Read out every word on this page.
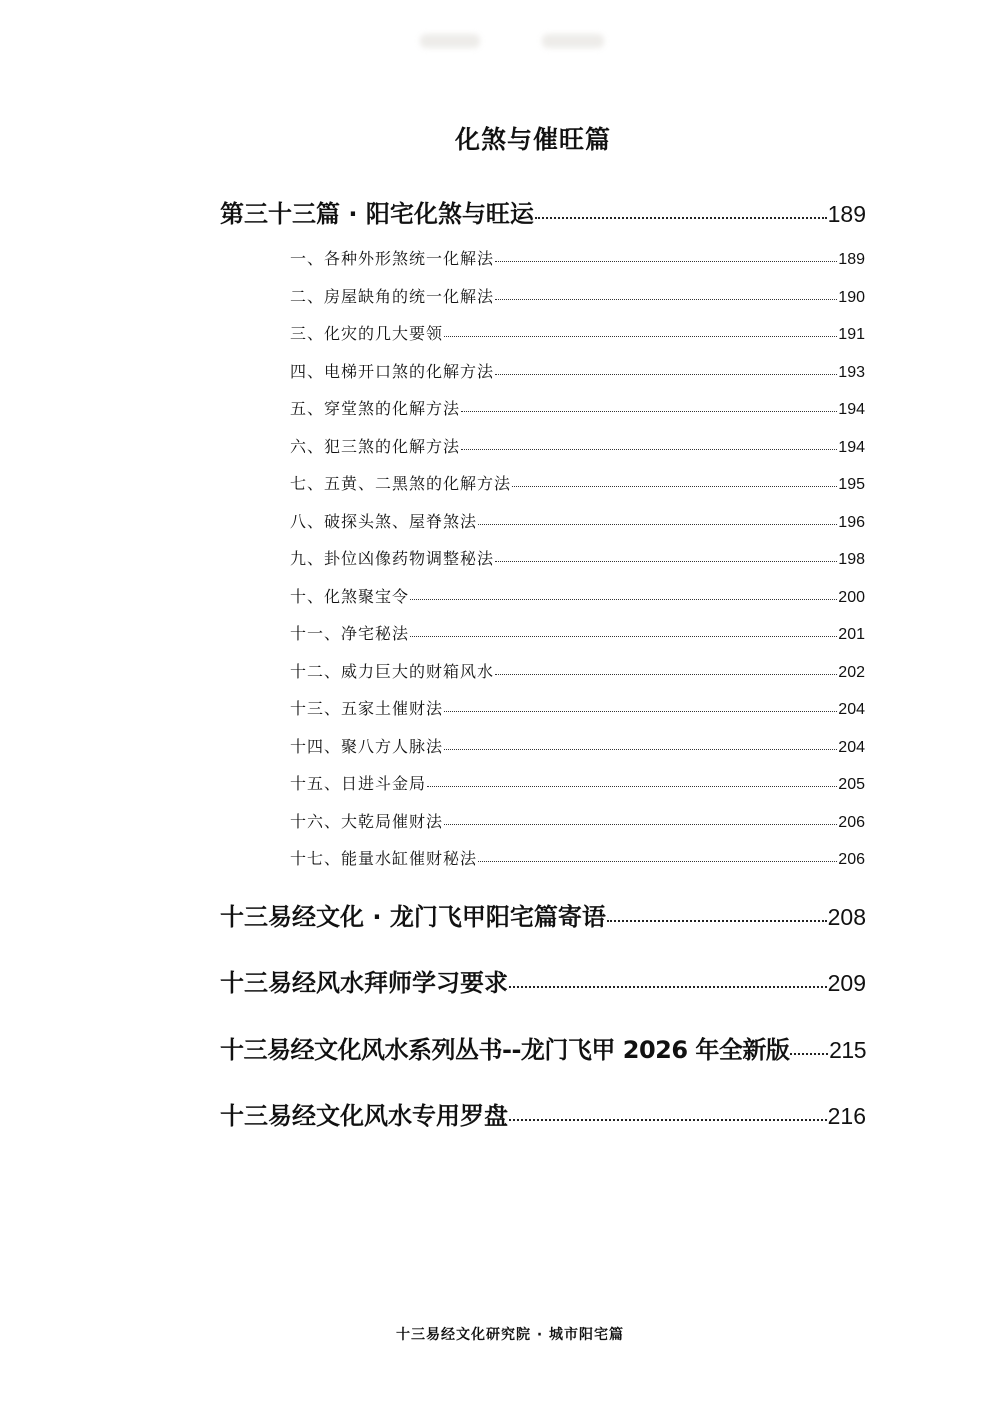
化煞与催旺篇
第三十三篇 · 阳宅化煞与旺运	189
一、各种外形煞统一化解法	189
二、房屋缺角的统一化解法	190
三、化灾的几大要领	191
四、电梯开口煞的化解方法	193
五、穿堂煞的化解方法	194
六、犯三煞的化解方法	194
七、五黄、二黑煞的化解方法	195
八、破探头煞、屋脊煞法	196
九、卦位凶像药物调整秘法	198
十、化煞聚宝令	200
十一、净宅秘法	201
十二、威力巨大的财箱风水	202
十三、五家土催财法	204
十四、聚八方人脉法	204
十五、日进斗金局	205
十六、大乾局催财法	206
十七、能量水缸催财秘法	206
十三易经文化 · 龙门飞甲阳宅篇寄语	208
十三易经风水拜师学习要求	209
十三易经文化风水系列丛书--龙门飞甲 2026 年全新版 215
十三易经文化风水专用罗盘	216
十三易经文化研究院 · 城市阳宅篇
